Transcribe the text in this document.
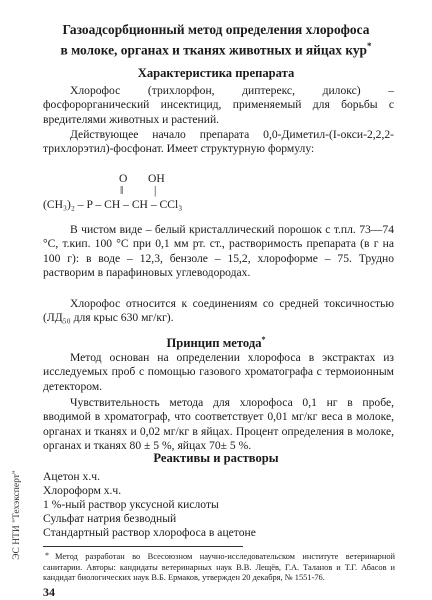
Газоадсорбционный метод определения хлорофоса
в молоке, органах и тканях животных и яйцах кур*
Характеристика препарата
Хлорофос (трихлорфон, диптерекс, дилокс) – фосфорорганический инсектицид, применяемый для борьбы с вредителями животных и растений.
Действующее начало препарата 0,0-Диметил-(I-окси-2,2,2-трихлорэтил)-фосфонат. Имеет структурную формулу:
O OH
‖	|
(CH₃)₂ – P – CH – CH – CCl₃
В чистом виде – белый кристаллический порошок с т.пл. 73—74 °С, т.кип. 100 °С при 0,1 мм рт. ст., растворимость препарата (в г на 100 г): в воде – 12,3, бензоле – 15,2, хлороформе – 75. Трудно растворим в парафиновых углеводородах.
Хлорофос относится к соединениям со средней токсичностью (ЛД₅₀ для крыс 630 мг/кг).
Принцип метода*
Метод основан на определении хлорофоса в экстрактах из исследуемых проб с помощью газового хроматографа с термоионным детектором.
Чувствительность метода для хлорофоса 0,1 нг в пробе, вводимой в хроматограф, что соответствует 0,01 мг/кг веса в молоке, органах и тканях и 0,02 мг/кг в яйцах. Процент определения в молоке, органах и тканях 80 ± 5 %, яйцах 70± 5 %.
Реактивы и растворы
Ацетон х.ч.
Хлороформ х.ч.
1 %-ный раствор уксусной кислоты
Сульфат натрия безводный
Стандартный раствор хлорофоса в ацетоне
* Метод разработан во Всесоюзном научно-исследовательском институте ветеринарной санитарии. Авторы: кандидаты ветеринарных наук В.В. Лещёв, Г.А. Таланов и Т.Г. Абасов и кандидат биологических наук В.Б. Ермаков, утвержден 20 декабря, № 1551-76.
34
ЭС НТИ "Техэксперт"
